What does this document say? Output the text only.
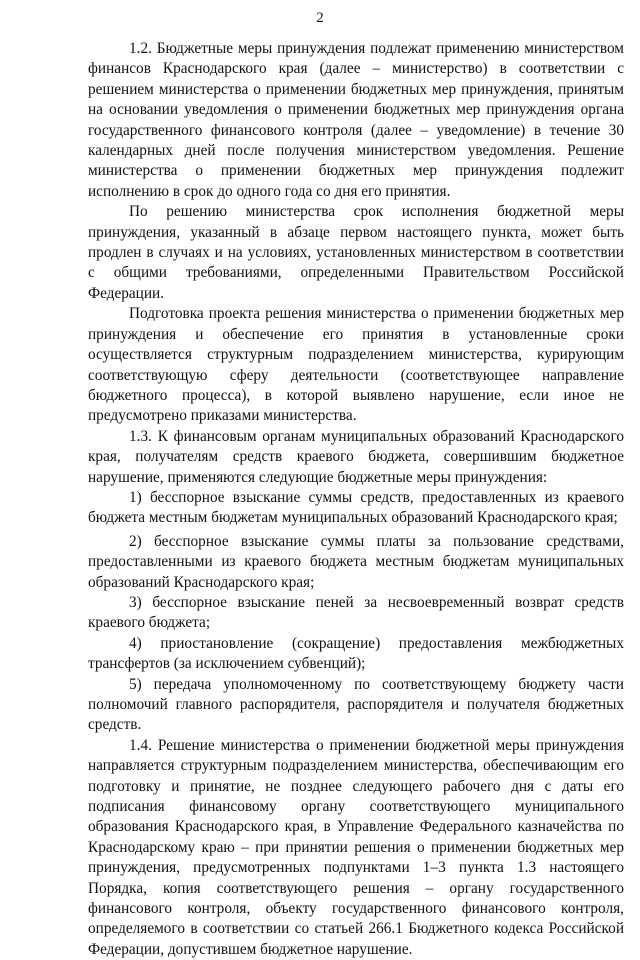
2

1.2. Бюджетные меры принуждения подлежат применению министерством финансов Краснодарского края (далее – министерство) в соответствии с решением министерства о применении бюджетных мер принуждения, принятым на основании уведомления о применении бюджетных мер принуждения органа государственного финансового контроля (далее – уведомление) в течение 30 календарных дней после получения министерством уведомления. Решение министерства о применении бюджетных мер принуждения подлежит исполнению в срок до одного года со дня его принятия.

По решению министерства срок исполнения бюджетной меры принуждения, указанный в абзаце первом настоящего пункта, может быть продлен в случаях и на условиях, установленных министерством в соответствии с общими требованиями, определенными Правительством Российской Федерации.

Подготовка проекта решения министерства о применении бюджетных мер принуждения и обеспечение его принятия в установленные сроки осуществляется структурным подразделением министерства, курирующим соответствующую сферу деятельности (соответствующее направление бюджетного процесса), в которой выявлено нарушение, если иное не предусмотрено приказами министерства.

1.3. К финансовым органам муниципальных образований Краснодарского края, получателям средств краевого бюджета, совершившим бюджетное нарушение, применяются следующие бюджетные меры принуждения:

1) бесспорное взыскание суммы средств, предоставленных из краевого бюджета местным бюджетам муниципальных образований Краснодарского края;

2) бесспорное взыскание суммы платы за пользование средствами, предоставленными из краевого бюджета местным бюджетам муниципальных образований Краснодарского края;

3) бесспорное взыскание пеней за несвоевременный возврат средств краевого бюджета;

4) приостановление (сокращение) предоставления межбюджетных трансфертов (за исключением субвенций);

5) передача уполномоченному по соответствующему бюджету части полномочий главного распорядителя, распорядителя и получателя бюджетных средств.

1.4. Решение министерства о применении бюджетной меры принуждения направляется структурным подразделением министерства, обеспечивающим его подготовку и принятие, не позднее следующего рабочего дня с даты его подписания финансовому органу соответствующего муниципального образования Краснодарского края, в Управление Федерального казначейства по Краснодарскому краю – при принятии решения о применении бюджетных мер принуждения, предусмотренных подпунктами 1–3 пункта 1.3 настоящего Порядка, копия соответствующего решения – органу государственного финансового контроля, объекту государственного финансового контроля, определяемого в соответствии со статьей 266.1 Бюджетного кодекса Российской Федерации, допустившем бюджетное нарушение.
